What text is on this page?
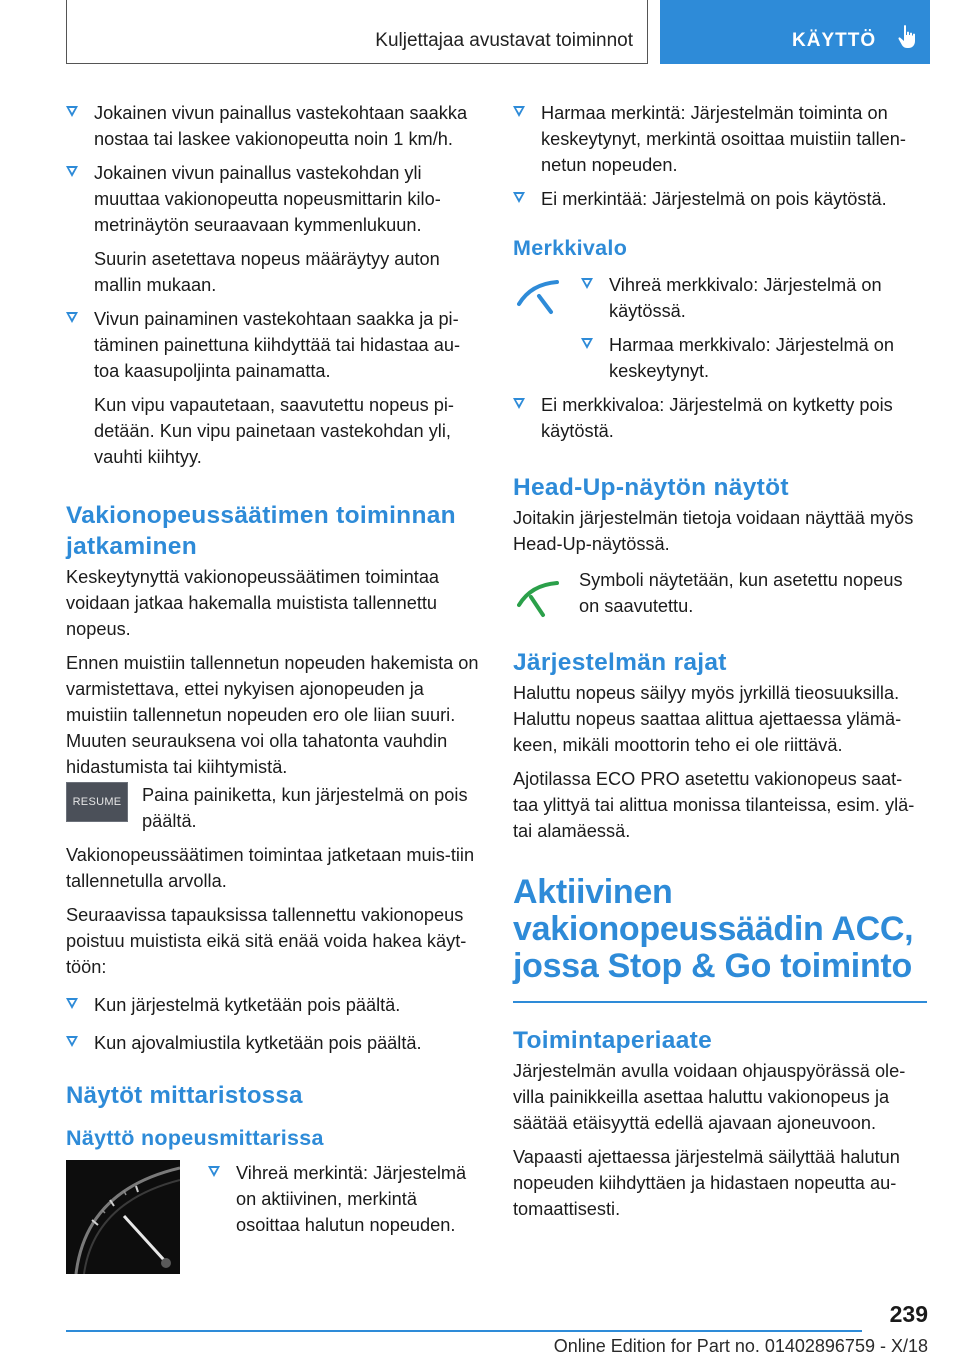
Kuljettajaa avustavat toiminnot	KÄYTTÖ
Jokainen vivun painallus vastekohtaan saakka nostaa tai laskee vakionopeutta noin 1 km/h.
Jokainen vivun painallus vastekohdan yli muuttaa vakionopeutta nopeusmittarin kilo-metrinäytön seuraavaan kymmenlukuun.

Suurin asetettava nopeus määräytyy auton mallin mukaan.

Vivun painaminen vastekohtaan saakka ja pi-täminen painettuna kiihdyttää tai hidastaa au-toa kaasupoljinta painamatta.

Kun vipu vapautetaan, saavutettu nopeus pi-detään. Kun vipu painetaan vastekohdan yli, vauhti kiihtyy.

Vakionopeussäätimen toiminnan jatkaminen

Keskeytynyttä vakionopeussäätimen toimintaa voidaan jatkaa hakemalla muistista tallennettu nopeus.

Ennen muistiin tallennetun nopeuden hakemista on varmistettava, ettei nykyisen ajonopeuden ja muistiin tallennetun nopeuden ero ole liian suuri. Muuten seurauksena voi olla tahatonta vauhdin hidastumista tai kiihtymistä.

RESUME	Paina painiketta, kun järjestelmä on pois päältä.

Vakionopeussäätimen toimintaa jatketaan muis-tiin tallennetulla arvolla.

Seuraavissa tapauksissa tallennettu vakionopeus poistuu muistista eikä sitä enää voida hakea käyt-töön:

Kun järjestelmä kytketään pois päältä.
Kun ajovalmiustila kytketään pois päältä.
Näytöt mittaristossa
Näyttö nopeusmittarissa
Vihreä merkintä: Järjestelmä on aktiivinen, merkintä osoittaa halutun nopeuden.
Harmaa merkintä: Järjestelmän toiminta on keskeytynyt, merkintä osoittaa muistiin tallen-netun nopeuden.
Ei merkintää: Järjestelmä on pois käytöstä.
Merkkivalo
Vihreä merkkivalo: Järjestelmä on käytössä.
Harmaa merkkivalo: Järjestelmä on keskeytynyt.
Ei merkkivaloa: Järjestelmä on kytketty pois käytöstä.
Head-Up-näytön näytöt

Joitakin järjestelmän tietoja voidaan näyttää myös Head-Up-näytössä.

Symboli näytetään, kun asetettu nopeus on saavutettu.

Järjestelmän rajat

Haluttu nopeus säilyy myös jyrkillä tieosuuksilla. Haluttu nopeus saattaa alittua ajettaessa ylämä-keen, mikäli moottorin teho ei ole riittävä.

Ajotilassa ECO PRO asetettu vakionopeus saat-taa ylittyä tai alittua monissa tilanteissa, esim. ylä-tai alamäessä.

Aktiivinen vakionopeussäädin ACC, jossa Stop & Go toiminto
Toimintaperiaate

Järjestelmän avulla voidaan ohjauspyörässä ole-villa painikkeilla asettaa haluttu vakionopeus ja säätää etäisyyttä edellä ajavaan ajoneuvoon.

Vapaasti ajettaessa järjestelmä säilyttää halutun nopeuden kiihdyttäen ja hidastaen nopeutta au-tomaattisesti.

239
Online Edition for Part no. 01402896759 - X/18
